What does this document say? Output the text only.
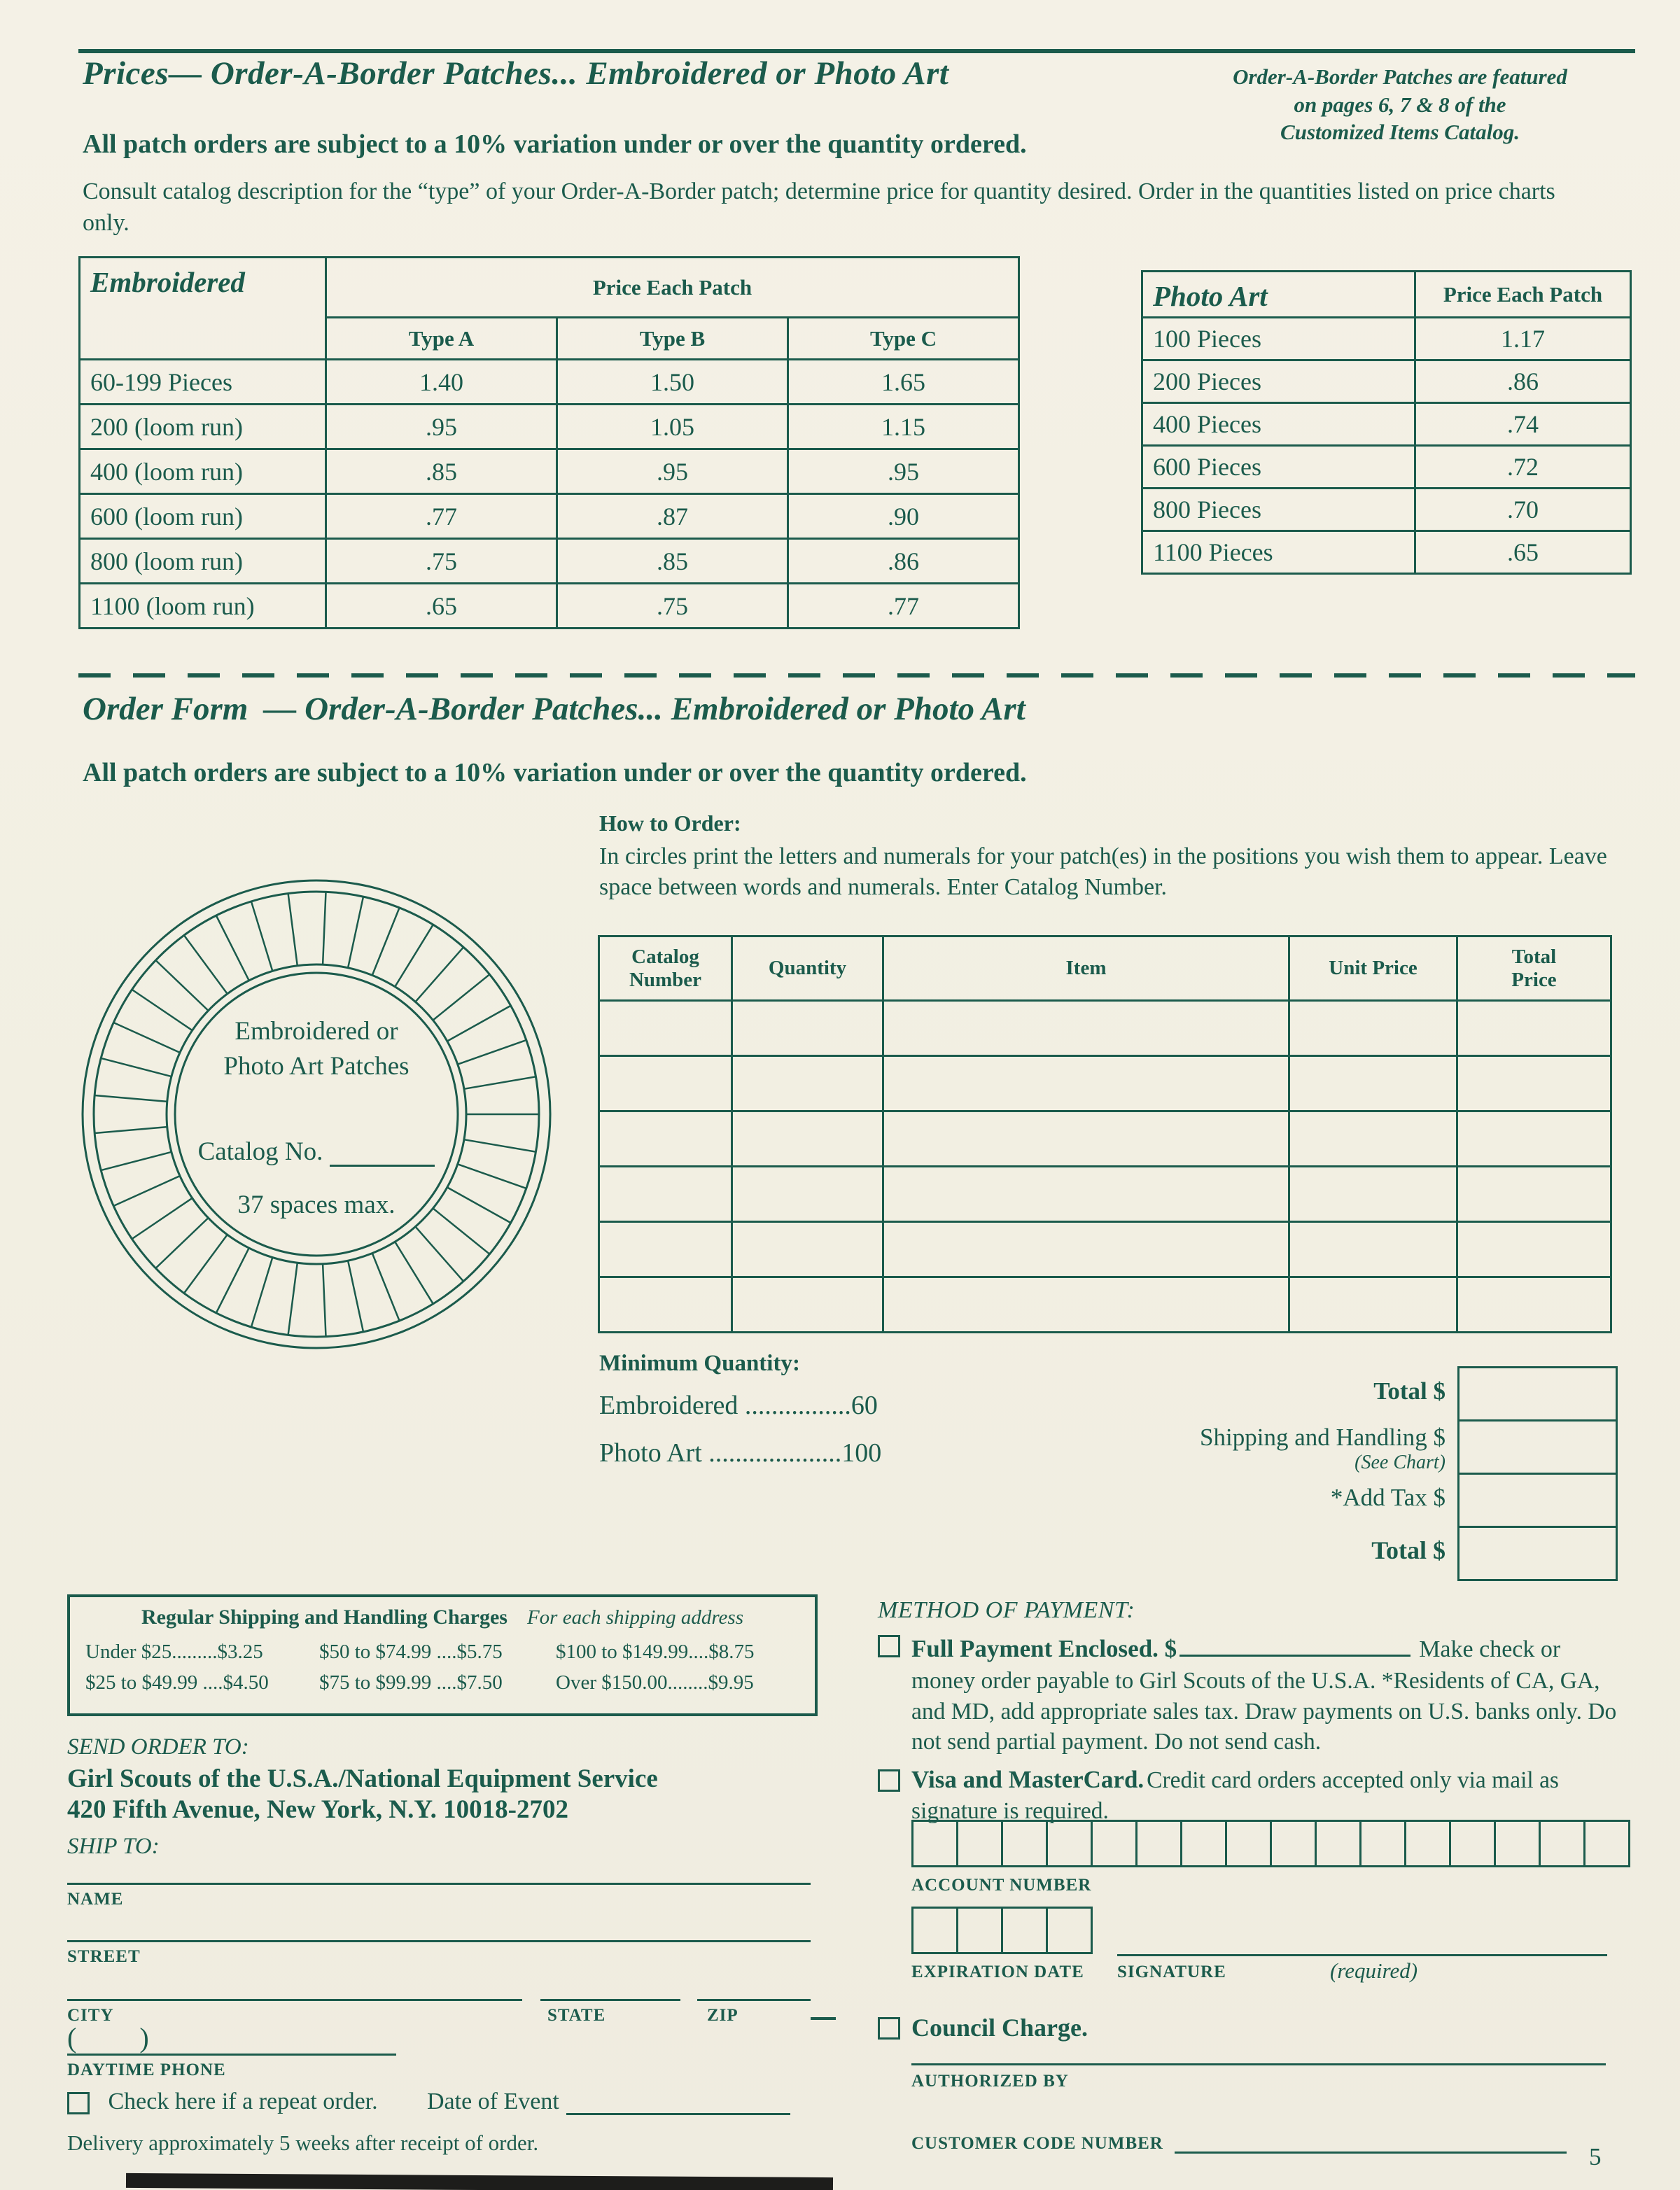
Prices— Order-A-Border Patches... Embroidered or Photo Art	Order-A-Border Patches are featured
on pages 6, 7 & 8 of the
Customized Items Catalog.
All patch orders are subject to a 10% variation under or over the quantity ordered.
Consult catalog description for the “type” of your Order-A-Border patch; determine price for quantity desired. Order in the quantities listed on price charts only.
Embroidered	Price Each Patch		
	Type A	Type B	Type C
60-199 Pieces	1.40	1.50	1.65
200 (loom run)	.95	1.05	1.15
400 (loom run)	.85	.95	.95
600 (loom run)	.77	.87	.90
800 (loom run)	.75	.85	.86
1100 (loom run)	.65	.75	.77
Photo Art	Price Each Patch
100 Pieces	1.17
200 Pieces	.86
400 Pieces	.74
600 Pieces	.72
800 Pieces	.70
1100 Pieces	.65
Order Form — Order-A-Border Patches... Embroidered or Photo Art
All patch orders are subject to a 10% variation under or over the quantity ordered.
How to Order:
In circles print the letters and numerals for your patch(es) in the positions you wish them to appear. Leave space between words and numerals. Enter Catalog Number.
Embroidered or
Photo Art Patches
Catalog No.
37 spaces max.
Catalog Number	Quantity	Item	Unit Price	Total Price

Minimum Quantity:
Embroidered ................60
Photo Art ....................100

Total $
Shipping and Handling $
(See Chart)
*Add Tax $
Total $
Regular Shipping and Handling Charges For each shipping address
Under $25.........$3.25	$50 to $74.99 ....$5.75	$100 to $149.99....$8.75
$25 to $49.99 ....$4.50 $75 to $99.99 ....$7.50	Over $150.00........$9.95
SEND ORDER TO:
Girl Scouts of the U.S.A./National Equipment Service
420 Fifth Avenue, New York, N.Y. 10018-2702
SHIP TO:
NAME
STREET
CITY	STATE	ZIP
( )
DAYTIME PHONE
Check here if a repeat order. Date of Event
Delivery approximately 5 weeks after receipt of order.
METHOD OF PAYMENT:
Full Payment Enclosed. $	Make check or
money order payable to Girl Scouts of the U.S.A. *Residents of CA, GA, and MD, add appropriate sales tax. Draw payments on U.S. banks only. Do not send partial payment. Do not send cash.
Visa and MasterCard. Credit card orders accepted only via mail as signature is required.

ACCOUNT NUMBER

EXPIRATION DATE SIGNATURE	(required)
Council Charge.
AUTHORIZED BY
CUSTOMER CODE NUMBER	5
